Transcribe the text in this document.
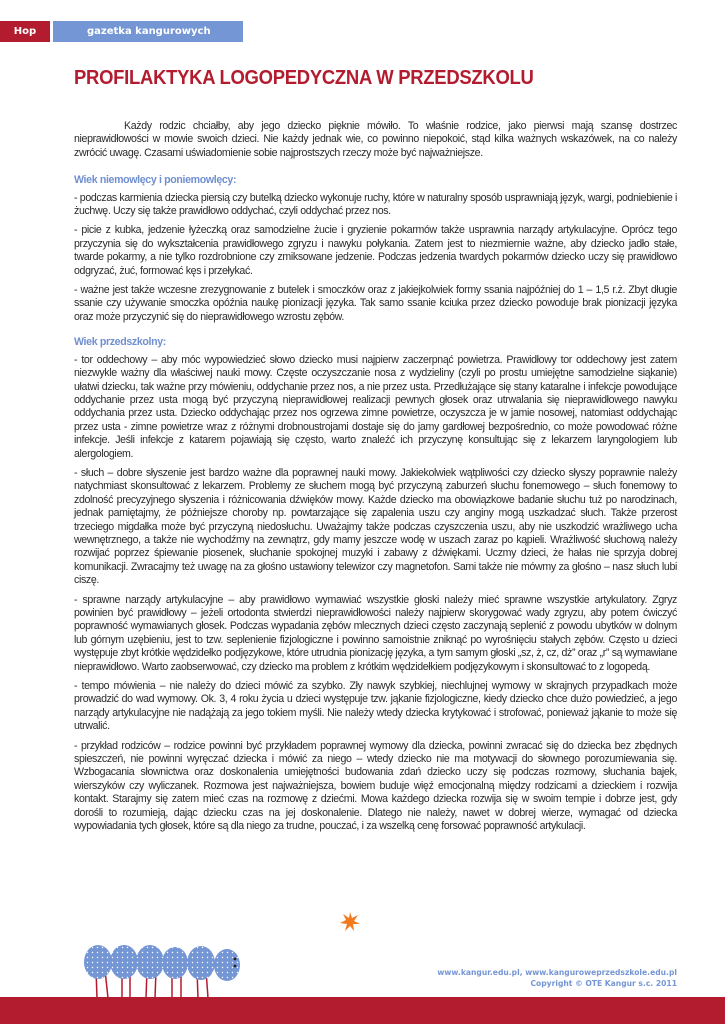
Hop Siup
gazetka kangurowych przedszkolaków
PROFILAKTYKA LOGOPEDYCZNA W PRZEDSZKOLU

Każdy rodzic chciałby, aby jego dziecko pięknie mówiło. To właśnie rodzice, jako pierwsi mają szansę dostrzec nieprawidłowości w mowie swoich dzieci. Nie każdy jednak wie, co powinno niepokoić, stąd kilka ważnych wskazówek, na co należy zwrócić uwagę. Czasami uświadomienie sobie najprostszych rzeczy może być najważniejsze.

Wiek niemowlęcy i poniemowlęcy:

- podczas karmienia dziecka piersią czy butelką dziecko wykonuje ruchy, które w naturalny sposób usprawniają język, wargi, podniebienie i żuchwę. Uczy się także prawidłowo oddychać, czyli oddychać przez nos.

- picie z kubka, jedzenie łyżeczką oraz samodzielne żucie i gryzienie pokarmów także usprawnia narządy artykulacyjne. Oprócz tego przyczynia się do wykształcenia prawidłowego zgryzu i nawyku połykania. Zatem jest to niezmiernie ważne, aby dziecko jadło stałe, twarde pokarmy, a nie tylko rozdrobnione czy zmiksowane jedzenie. Podczas jedzenia twardych pokarmów dziecko uczy się prawidłowo odgryzać, żuć, formować kęs i przełykać.

- ważne jest także wczesne zrezygnowanie z butelek i smoczków oraz z jakiejkolwiek formy ssania najpóźniej do 1 – 1,5 r.ż. Zbyt długie ssanie czy używanie smoczka opóźnia naukę pionizacji języka. Tak samo ssanie kciuka przez dziecko powoduje brak pionizacji języka oraz może przyczynić się do nieprawidłowego wzrostu zębów.

Wiek przedszkolny:

- tor oddechowy – aby móc wypowiedzieć słowo dziecko musi najpierw zaczerpnąć powietrza. Prawidłowy tor oddechowy jest zatem niezwykle ważny dla właściwej nauki mowy. Częste oczyszczanie nosa z wydzieliny (czyli po prostu umiejętne samodzielne siąkanie) ułatwi dziecku, tak ważne przy mówieniu, oddychanie przez nos, a nie przez usta. Przedłużające się stany kataralne i infekcje powodujące oddychanie przez usta mogą być przyczyną nieprawidłowej realizacji pewnych głosek oraz utrwalania się nieprawidłowego nawyku oddychania przez usta. Dziecko oddychając przez nos ogrzewa zimne powietrze, oczyszcza je w jamie nosowej, natomiast oddychając przez usta - zimne powietrze wraz z różnymi drobnoustrojami dostaje się do jamy gardłowej bezpośrednio, co może powodować różne infekcje. Jeśli infekcje z katarem pojawiają się często, warto znaleźć ich przyczynę konsultując się z lekarzem laryngologiem lub alergologiem.

- słuch – dobre słyszenie jest bardzo ważne dla poprawnej nauki mowy. Jakiekolwiek wątpliwości czy dziecko słyszy poprawnie należy natychmiast skonsultować z lekarzem. Problemy ze słuchem mogą być przyczyną zaburzeń słuchu fonemowego – słuch fonemowy to zdolność precyzyjnego słyszenia i różnicowania dźwięków mowy. Każde dziecko ma obowiązkowe badanie słuchu tuż po narodzinach, jednak pamiętajmy, że późniejsze choroby np. powtarzające się zapalenia uszu czy anginy mogą uszkadzać słuch. Także przerost trzeciego migdałka może być przyczyną niedosłuchu. Uważajmy także podczas czyszczenia uszu, aby nie uszkodzić wrażliwego ucha wewnętrznego, a także nie wychodźmy na zewnątrz, gdy mamy jeszcze wodę w uszach zaraz po kąpieli. Wrażliwość słuchową należy rozwijać poprzez śpiewanie piosenek, słuchanie spokojnej muzyki i zabawy z dźwiękami. Uczmy dzieci, że hałas nie sprzyja dobrej komunikacji. Zwracajmy też uwagę na za głośno ustawiony telewizor czy magnetofon. Sami także nie mówmy za głośno – nasz słuch lubi ciszę.

- sprawne narządy artykulacyjne – aby prawidłowo wymawiać wszystkie głoski należy mieć sprawne wszystkie artykulatory. Zgryz powinien być prawidłowy – jeżeli ortodonta stwierdzi nieprawidłowości należy najpierw skorygować wady zgryzu, aby potem ćwiczyć poprawność wymawianych głosek. Podczas wypadania zębów mlecznych dzieci często zaczynają seplenić z powodu ubytków w dolnym lub górnym uzębieniu, jest to tzw. seplenienie fizjologiczne i powinno samoistnie zniknąć po wyrośnięciu stałych zębów. Często u dzieci występuje zbyt krótkie wędzidełko podjęzykowe, które utrudnia pionizację języka, a tym samym głoski „sz, ż, cz, dż” oraz „r” są wymawiane nieprawidłowo. Warto zaobserwować, czy dziecko ma problem z krótkim wędzidełkiem podjęzykowym i skonsultować to z logopedą.

- tempo mówienia – nie należy do dzieci mówić za szybko. Zły nawyk szybkiej, niechlujnej wymowy w skrajnych przypadkach może prowadzić do wad wymowy. Ok. 3, 4 roku życia u dzieci występuje tzw. jąkanie fizjologiczne, kiedy dziecko chce dużo powiedzieć, a jego narządy artykulacyjne nie nadążają za jego tokiem myśli. Nie należy wtedy dziecka krytykować i strofować, ponieważ jąkanie to może się utrwalić.

- przykład rodziców – rodzice powinni być przykładem poprawnej wymowy dla dziecka, powinni zwracać się do dziecka bez zbędnych spieszczeń, nie powinni wyręczać dziecka i mówić za niego – wtedy dziecko nie ma motywacji do słownego porozumiewania się. Wzbogacania słownictwa oraz doskonalenia umiejętności budowania zdań dziecko uczy się podczas rozmowy, słuchania bajek, wierszyków czy wyliczanek. Rozmowa jest najważniejsza, bowiem buduje więź emocjonalną między rodzicami a dzieckiem i rozwija kontakt. Starajmy się zatem mieć czas na rozmowę z dziećmi. Mowa każdego dziecka rozwija się w swoim tempie i dobrze jest, gdy dorośli to rozumieją, dając dziecku czas na jej doskonalenie. Dlatego nie należy, nawet w dobrej wierze, wymagać od dziecka wypowiadania tych głosek, które są dla niego za trudne, pouczać, i za wszelką cenę forsować poprawność artykulacji.

www.kangur.edu.pl, www.kanguroweprzedszkole.edu.pl
Copyright © OTE Kangur s.c. 2011
